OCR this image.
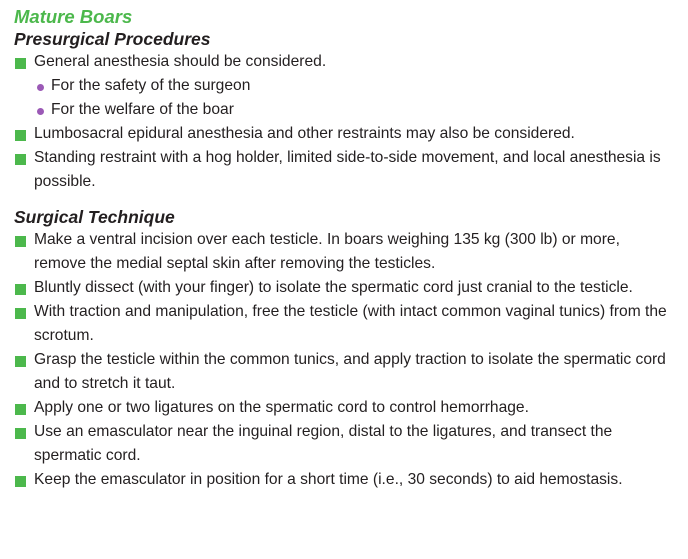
Mature Boars
Presurgical Procedures
General anesthesia should be considered.
For the safety of the surgeon
For the welfare of the boar
Lumbosacral epidural anesthesia and other restraints may also be considered.
Standing restraint with a hog holder, limited side-to-side movement, and local anesthesia is possible.
Surgical Technique
Make a ventral incision over each testicle. In boars weighing 135 kg (300 lb) or more, remove the medial septal skin after removing the testicles.
Bluntly dissect (with your finger) to isolate the spermatic cord just cranial to the testicle.
With traction and manipulation, free the testicle (with intact common vaginal tunics) from the scrotum.
Grasp the testicle within the common tunics, and apply traction to isolate the spermatic cord and to stretch it taut.
Apply one or two ligatures on the spermatic cord to control hemorrhage.
Use an emasculator near the inguinal region, distal to the ligatures, and transect the spermatic cord.
Keep the emasculator in position for a short time (i.e., 30 seconds) to aid hemostasis.
